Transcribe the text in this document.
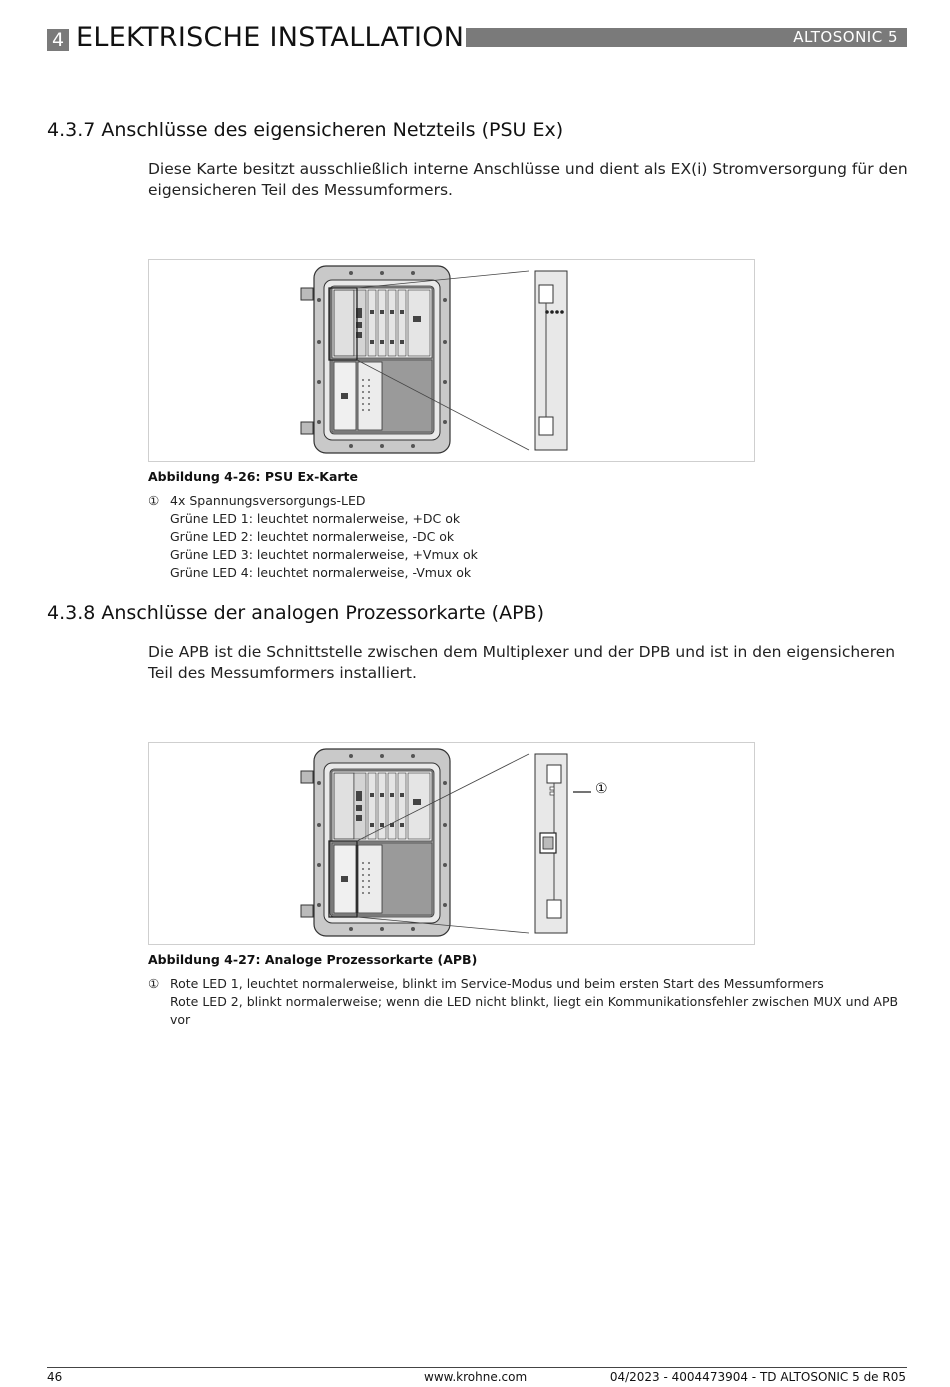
4 ELEKTRISCHE INSTALLATION	ALTOSONIC 5
4.3.7 Anschlüsse des eigensicheren Netzteils (PSU Ex)
Diese Karte besitzt ausschließlich interne Anschlüsse und dient als EX(i) Stromversorgung für den eigensicheren Teil des Messumformers.
Abbildung 4-26: PSU Ex-Karte
① 4x Spannungsversorgungs-LED
Grüne LED 1: leuchtet normalerweise, +DC ok
Grüne LED 2: leuchtet normalerweise, -DC ok
Grüne LED 3: leuchtet normalerweise, +Vmux ok
Grüne LED 4: leuchtet normalerweise, -Vmux ok
4.3.8 Anschlüsse der analogen Prozessorkarte (APB)
Die APB ist die Schnittstelle zwischen dem Multiplexer und der DPB und ist in den eigensicheren Teil des Messumformers installiert.
①
Abbildung 4-27: Analoge Prozessorkarte (APB)
① Rote LED 1, leuchtet normalerweise, blinkt im Service-Modus und beim ersten Start des Messumformers
Rote LED 2, blinkt normalerweise; wenn die LED nicht blinkt, liegt ein Kommunikationsfehler zwischen MUX und APB vor
46	www.krohne.com	04/2023 - 4004473904 - TD ALTOSONIC 5 de R05
